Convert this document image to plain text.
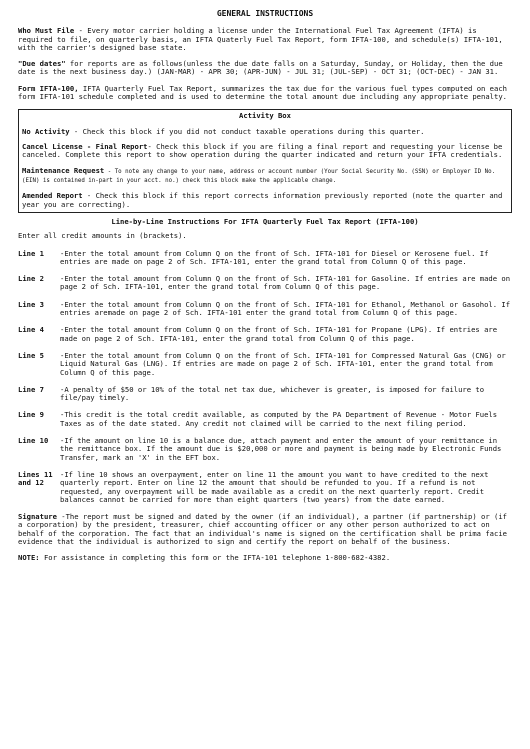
GENERAL INSTRUCTIONS

Who Must File - Every motor carrier holding a license under the International Fuel Tax Agreement (IFTA) is required to file, on quarterly basis, an IFTA Quaterly Fuel Tax Report, form IFTA-100, and schedule(s) IFTA-101, with the carrier's designed base state.

"Due dates" for reports are as follows(unless the due date falls on a Saturday, Sunday, or Holiday, then the due date is the next business day.) (JAN-MAR) - APR 30; (APR-JUN) - JUL 31; (JUL-SEP) - OCT 31; (OCT-DEC) - JAN 31.

Form IFTA-100, IFTA Quarterly Fuel Tax Report, summarizes the tax due for the various fuel types computed on each form IFTA-101 schedule completed and is used to determine the total amount due including any appropriate penalty.

Activity Box
No Activity - Check this block if you did not conduct taxable operations during this quarter.
Cancel License - Final Report- Check this block if you are filing a final report and requesting your license be canceled. Complete this report to show operation during the quarter indicated and return your IFTA credentials.
Maintenance Request - To note any change to your name, address or account number (Your Social Security No. (SSN) or Employer ID No. (EIN) is contained in-part in your acct. no.) check this block make the applicable change.
Amended Report - Check this block if this report corrects information previously reported (note the quarter and year you are correcting).
Line-by-Line Instructions For IFTA Quarterly Fuel Tax Report (IFTA-100)
Enter all credit amounts in (brackets).
Line 1	-Enter the total amount from Column Q on the front of Sch. IFTA-101 for Diesel or Kerosene fuel. If entries are made on page 2 of Sch. IFTA-101, enter the grand total from Column Q of this page.
Line 2	-Enter the total amount from Column Q on the front of Sch. IFTA-101 for Gasoline. If entries are made on page 2 of Sch. IFTA-101, enter the grand total from Column Q of this page.
Line 3	-Enter the total amount from Column Q on the front of Sch. IFTA-101 for Ethanol, Methanol or Gasohol. If entries aremade on page 2 of Sch. IFTA-101 enter the grand total from Column Q of this page.
Line 4	-Enter the total amount from Column Q on the front of Sch. IFTA-101 for Propane (LPG). If entries are made on page 2 of Sch. IFTA-101, enter the grand total from Column Q of this page.
Line 5	-Enter the total amount from Column Q on the front of Sch. IFTA-101 for Compressed Natural Gas (CNG) or Liquid Natural Gas (LNG). If entries are made on page 2 of Sch. IFTA-101, enter the grand total from Column Q of this page.
Line 7	-A penalty of $50 or 10% of the total net tax due, whichever is greater, is imposed for failure to file/pay timely.
Line 9	-This credit is the total credit available, as computed by the PA Department of Revenue - Motor Fuels Taxes as of the date stated. Any credit not claimed will be carried to the next filing period.
Line 10	-If the amount on line 10 is a balance due, attach payment and enter the amount of your remittance in the remittance box. If the amount due is $20,000 or more and payment is being made by Electronic Funds Transfer, mark an 'X' in the EFT box.
Lines 11
and 12
-If line 10 shows an overpayment, enter on line 11 the amount you want to have credited to the next quarterly report. Enter on line 12 the amount that should be refunded to you. If a refund is not requested, any overpayment will be made available as a credit on the next quarterly report. Credit balances cannot be carried for more than eight quarters (two years) from the date earned.

Signature -The report must be signed and dated by the owner (if an individual), a partner (if partnership) or (if a corporation) by the president, treasurer, chief accounting officer or any other person authorized to act on behalf of the corporation. The fact that an individual's name is signed on the certification shall be prima facie evidence that the individual is authorized to sign and certify the report on behalf of the business.

NOTE: For assistance in completing this form or the IFTA-101 telephone 1-800-682-4382.
